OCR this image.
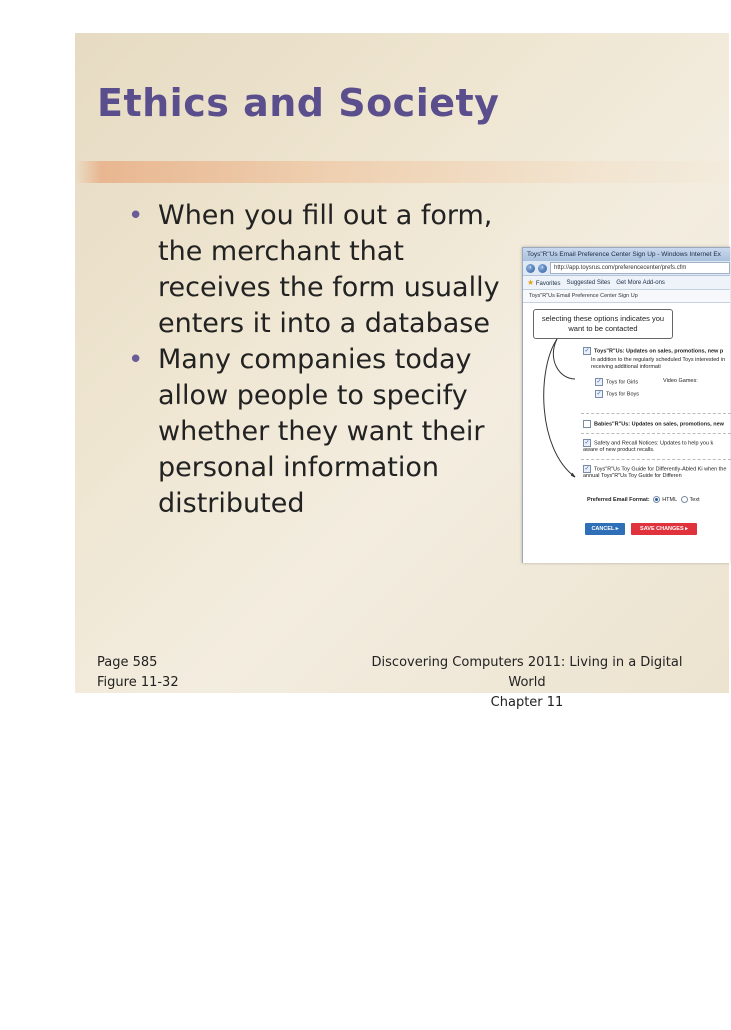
Ethics and Society
• When you fill out a form, the merchant that receives the form usually enters it into a database
• Many companies today allow people to specify whether they want their personal information distributed
Toys"R"Us Email Preference Center Sign Up - Windows Internet Ex
‹	›	http://app.toysrus.com/preferencecenter/prefs.cfm
★ Favorites Suggested Sites Get More Add-ons
Toys"R"Us Email Preference Center Sign Up
selecting these options indicates you want to be contacted
✓ Toys"R"Us: Updates on sales, promotions, new p
In addition to the regularly scheduled Toys interested in receiving additional informati
✓ Toys for Girls	Video Games:
✓ Toys for Boys
Babies"R"Us: Updates on sales, promotions, new
✓ Safety and Recall Notices: Updates to help you k aware of new product recalls.
✓ Toys"R"Us Toy Guide for Differently-Abled Ki when the annual Toys"R"Us Toy Guide for Differen
Preferred Email Format: HTML Text
CANCEL ▸	SAVE CHANGES ▸
Page 585
Figure 11-32
Discovering Computers 2011: Living in a Digital World
Chapter 11
